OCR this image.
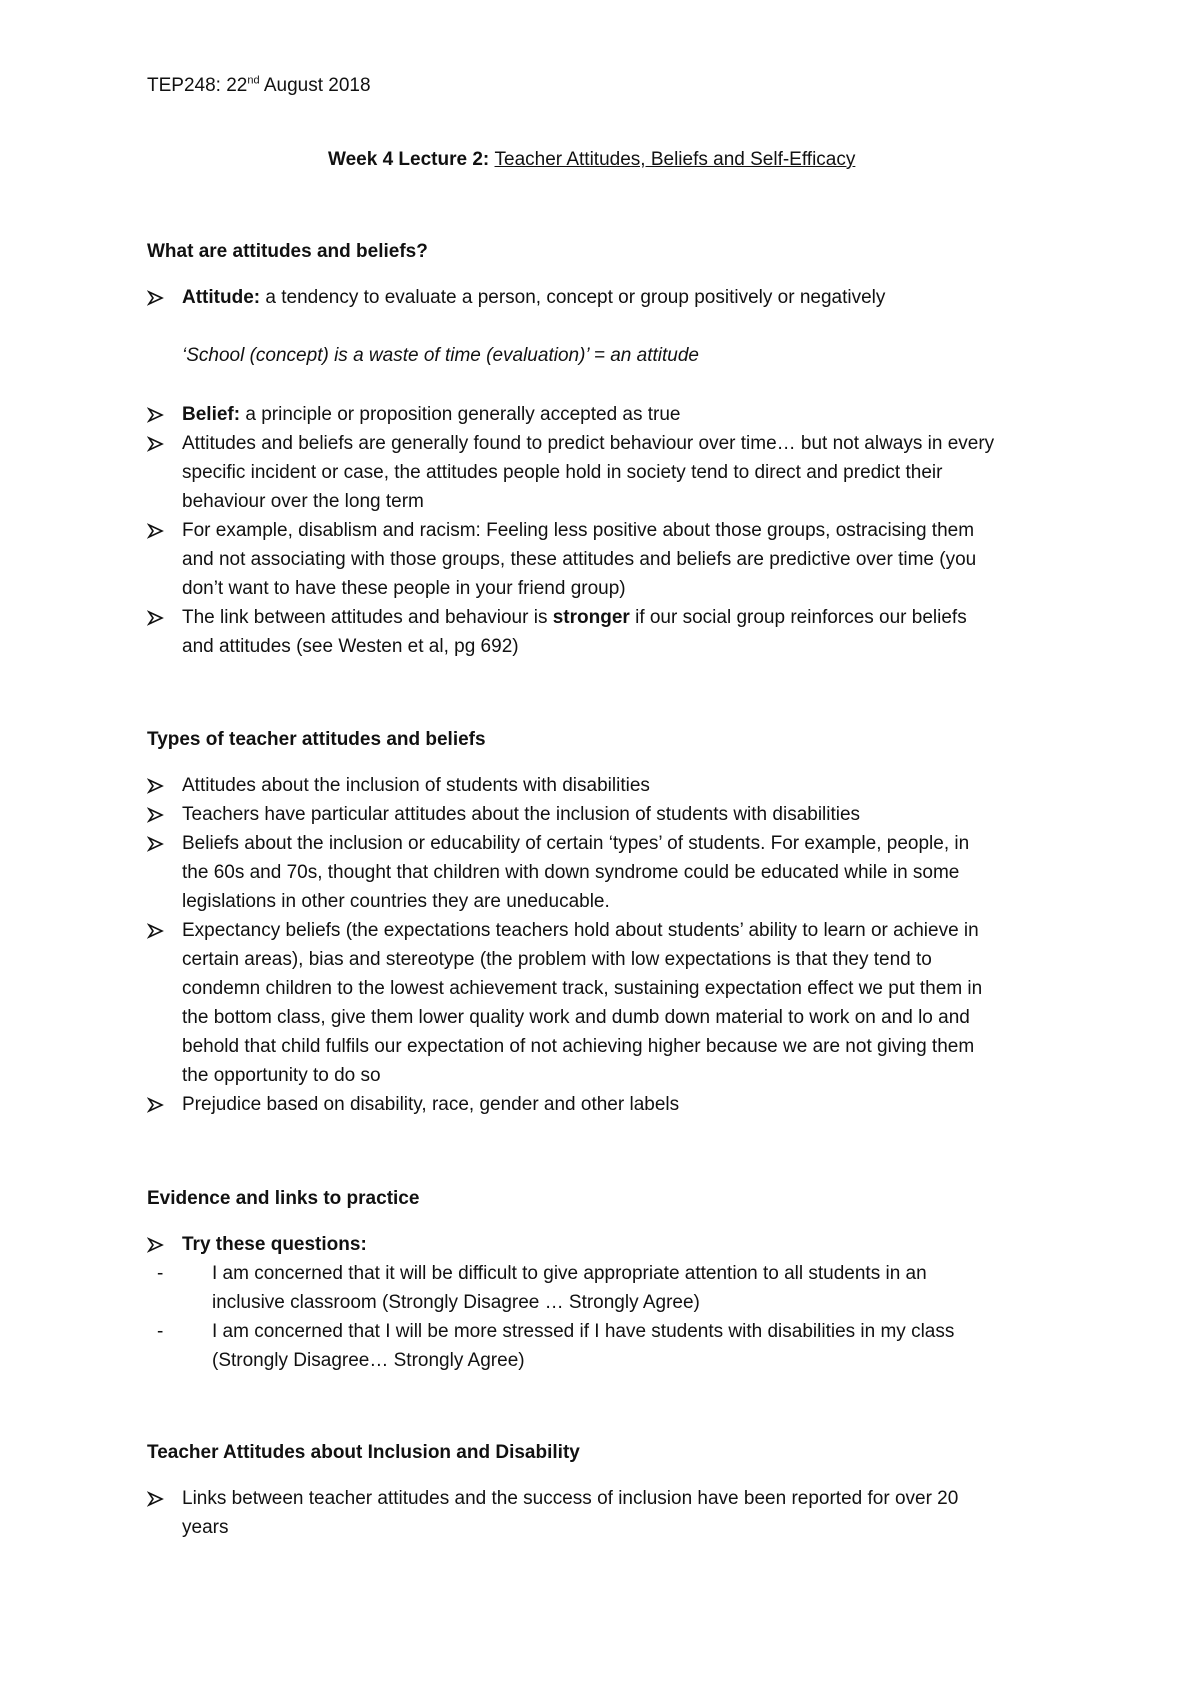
TEP248: 22nd August 2018
Week 4 Lecture 2: Teacher Attitudes, Beliefs and Self-Efficacy
What are attitudes and beliefs?
Attitude: a tendency to evaluate a person, concept or group positively or negatively
‘School (concept) is a waste of time (evaluation)’ = an attitude
Belief: a principle or proposition generally accepted as true
Attitudes and beliefs are generally found to predict behaviour over time… but not always in every
specific incident or case, the attitudes people hold in society tend to direct and predict their
behaviour over the long term
For example, disablism and racism: Feeling less positive about those groups, ostracising them
and not associating with those groups, these attitudes and beliefs are predictive over time (you
don’t want to have these people in your friend group)
The link between attitudes and behaviour is stronger if our social group reinforces our beliefs
and attitudes (see Westen et al, pg 692)
Types of teacher attitudes and beliefs
Attitudes about the inclusion of students with disabilities
Teachers have particular attitudes about the inclusion of students with disabilities
Beliefs about the inclusion or educability of certain ‘types’ of students. For example, people, in
the 60s and 70s, thought that children with down syndrome could be educated while in some
legislations in other countries they are uneducable.
Expectancy beliefs (the expectations teachers hold about students’ ability to learn or achieve in
certain areas), bias and stereotype (the problem with low expectations is that they tend to
condemn children to the lowest achievement track, sustaining expectation effect we put them in
the bottom class, give them lower quality work and dumb down material to work on and lo and
behold that child fulfils our expectation of not achieving higher because we are not giving them
the opportunity to do so
Prejudice based on disability, race, gender and other labels
Evidence and links to practice
Try these questions:
-	I am concerned that it will be difficult to give appropriate attention to all students in an
inclusive classroom (Strongly Disagree … Strongly Agree)
-	I am concerned that I will be more stressed if I have students with disabilities in my class
(Strongly Disagree… Strongly Agree)
Teacher Attitudes about Inclusion and Disability
Links between teacher attitudes and the success of inclusion have been reported for over 20
years
